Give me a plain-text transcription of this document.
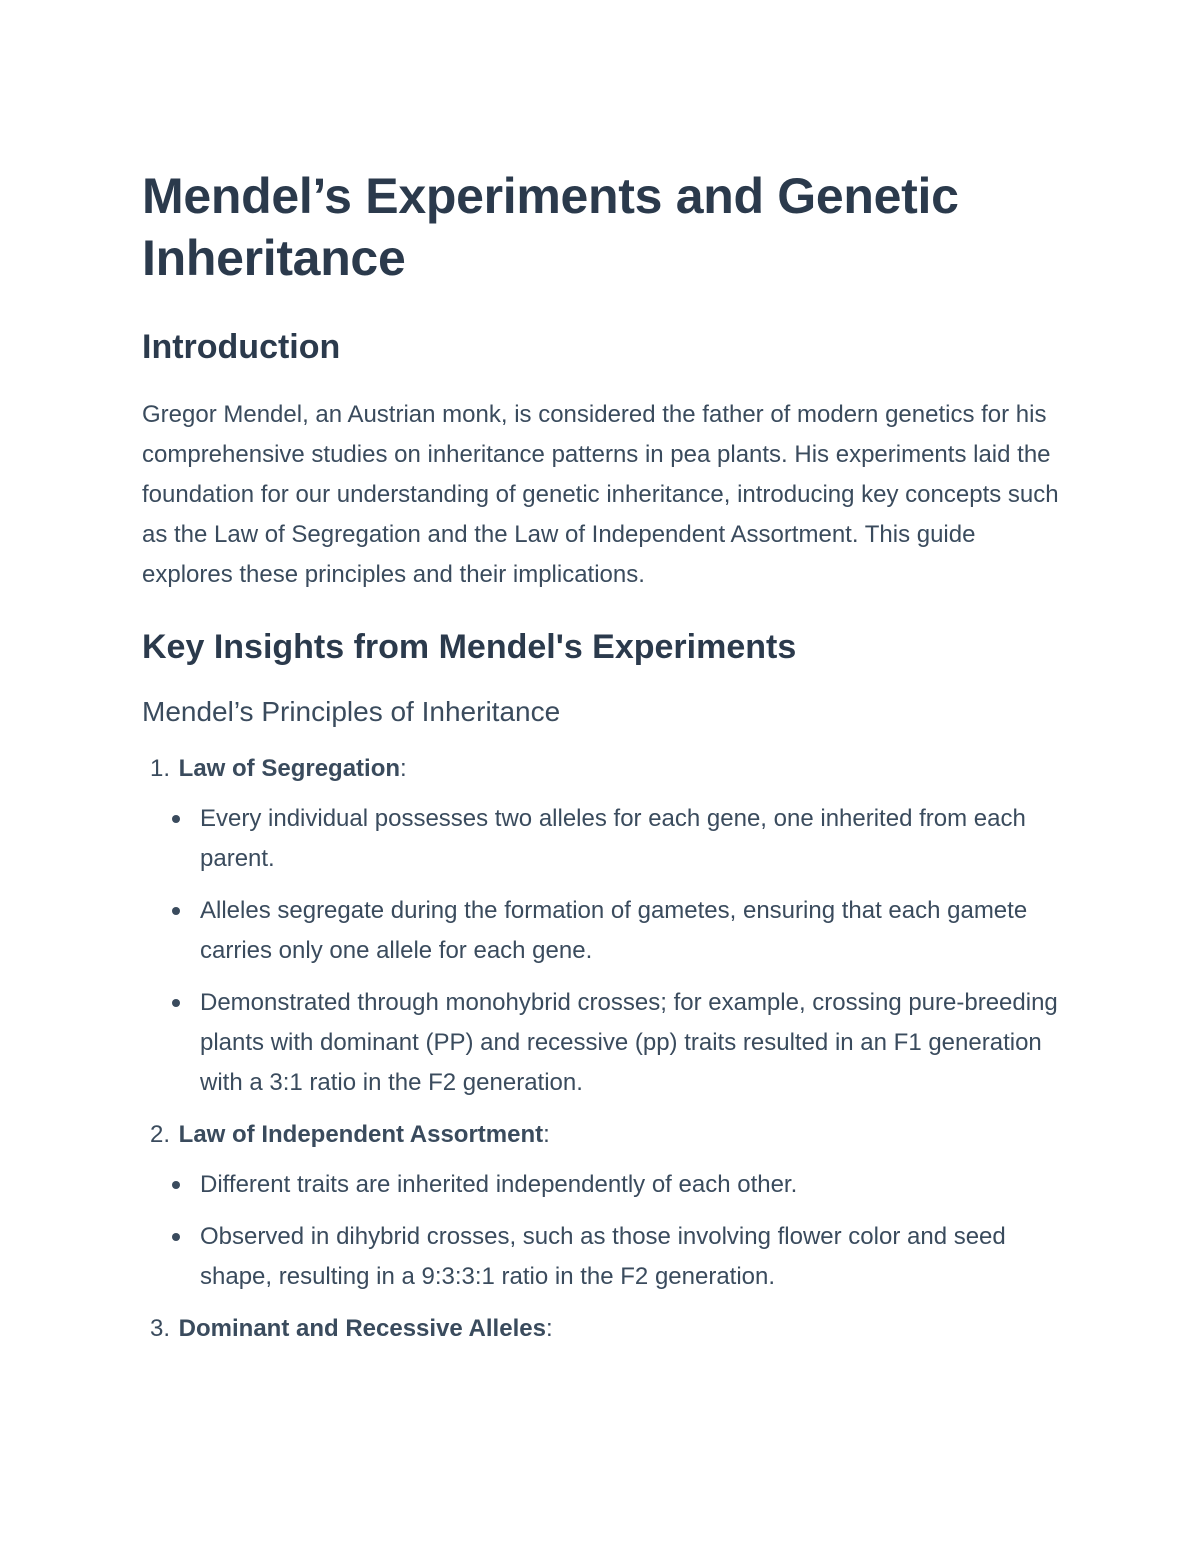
Mendel’s Experiments and Genetic Inheritance
Introduction

Gregor Mendel, an Austrian monk, is considered the father of modern genetics for his comprehensive studies on inheritance patterns in pea plants. His experiments laid the foundation for our understanding of genetic inheritance, introducing key concepts such as the Law of Segregation and the Law of Independent Assortment. This guide explores these principles and their implications.

Key Insights from Mendel's Experiments
Mendel’s Principles of Inheritance
1. Law of Segregation:
Every individual possesses two alleles for each gene, one inherited from each parent.
Alleles segregate during the formation of gametes, ensuring that each gamete carries only one allele for each gene.
Demonstrated through monohybrid crosses; for example, crossing pure-breeding plants with dominant (PP) and recessive (pp) traits resulted in an F1 generation with a 3:1 ratio in the F2 generation.
2. Law of Independent Assortment:
Different traits are inherited independently of each other.
Observed in dihybrid crosses, such as those involving flower color and seed shape, resulting in a 9:3:3:1 ratio in the F2 generation.
3. Dominant and Recessive Alleles:
